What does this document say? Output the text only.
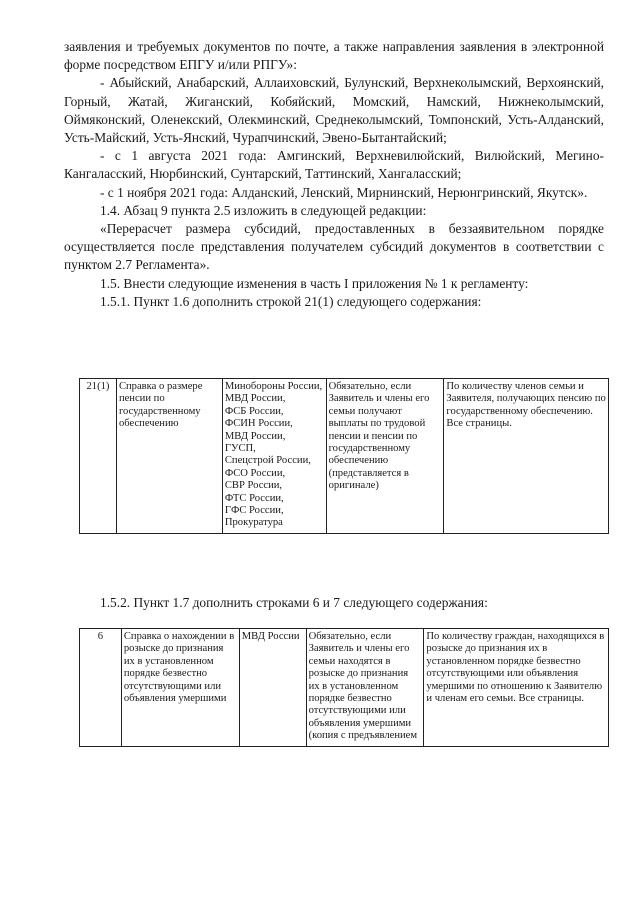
заявления и требуемых документов по почте, а также направления заявления в электронной форме посредством ЕПГУ и/или РПГУ»:

- Абыйский, Анабарский, Аллаиховский, Булунский, Верхнеколымский, Верхоянский, Горный, Жатай, Жиганский, Кобяйский, Момский, Намский, Нижнеколымский, Оймяконский, Оленекский, Олекминский, Среднеколымский, Томпонский, Усть-Алданский, Усть-Майский, Усть-Янский, Чурапчинский, Эвено-Бытантайский;

- с 1 августа 2021 года: Амгинский, Верхневилюйский, Вилюйский, Мегино-Кангаласский, Нюрбинский, Сунтарский, Таттинский, Хангаласский;

- с 1 ноября 2021 года: Алданский, Ленский, Мирнинский, Нерюнгринский, Якутск».

1.4. Абзац 9 пункта 2.5 изложить в следующей редакции:

«Перерасчет размера субсидий, предоставленных в беззаявительном порядке осуществляется после представления получателем субсидий документов в соответствии с пунктом 2.7 Регламента».

1.5. Внести следующие изменения в часть I приложения № 1 к регламенту:

1.5.1. Пункт 1.6 дополнить строкой 21(1) следующего содержания:

21(1)	Справка о размере пенсии по государственному обеспечению	Минобороны России,
МВД России,
ФСБ России,
ФСИН России,
МВД России,
ГУСП,
Спецстрой России,
ФСО России,
СВР России,
ФТС России,
ГФС России,
Прокуратура	Обязательно, если Заявитель и члены его семьи получают выплаты по трудовой пенсии и пенсии по государственному обеспечению (представляется в оригинале)	По количеству членов семьи и Заявителя, получающих пенсию по государственному обеспечению. Все страницы.

1.5.2. Пункт 1.7 дополнить строками 6 и 7 следующего содержания:

6	Справка о нахождении в розыске до признания их в установленном порядке безвестно отсутствующими или объявления умершими	МВД России	Обязательно, если Заявитель и члены его семьи находятся в розыске до признания их в установленном порядке безвестно отсутствующими или объявления умершими (копия с предъявлением	По количеству граждан, находящихся в розыске до признания их в установленном порядке безвестно отсутствующими или объявления умершими по отношению к Заявителю и членам его семьи. Все страницы.
